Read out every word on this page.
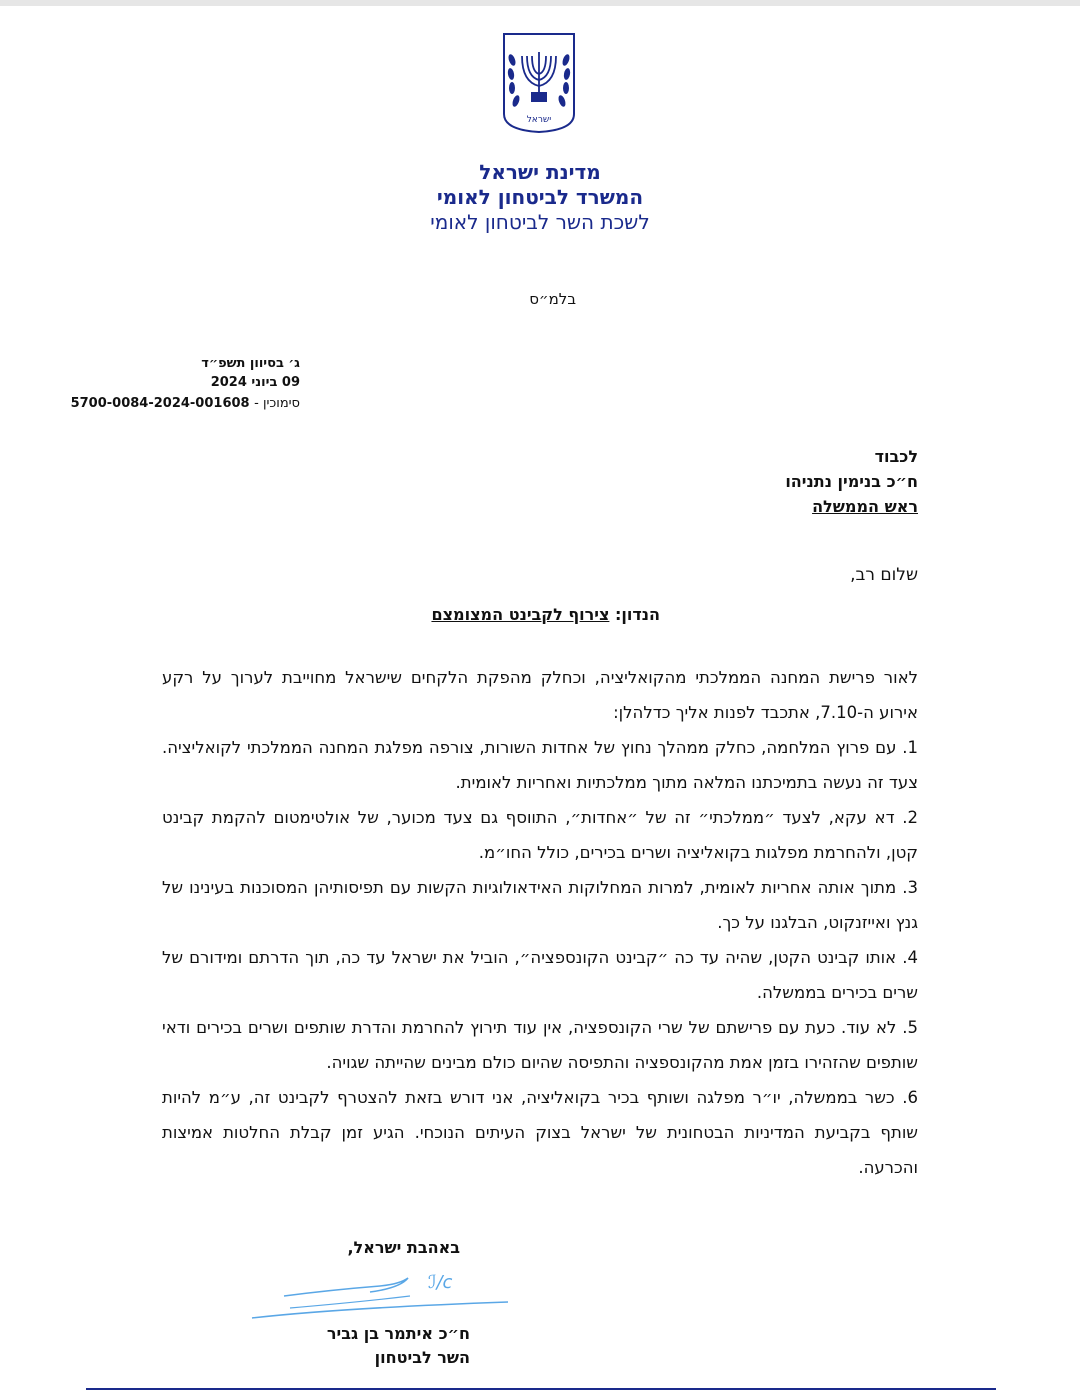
ישראל
מדינת ישראל
המשרד לביטחון לאומי
לשכת השר לביטחון לאומי
בלמ״ס
ג׳ בסיוון תשפ״ד
09 ביוני 2024
סימוכין - 5700-0084-2024-001608
לכבוד
ח״כ בנימין נתניהו
ראש הממשלה
שלום רב,
הנדון: צירוף לקבינט המצומצם

לאור פרישת המחנה הממלכתי מהקואליציה, וכחלק מהפקת הלקחים שישראל מחוייבת לערוך על רקע אירוע ה-7.10, אתכבד לפנות אליך כדלהלן:

1. עם פרוץ המלחמה, כחלק ממהלך נחוץ של אחדות השורות, צורפה מפלגת המחנה הממלכתי לקואליציה. צעד זה נעשה בתמיכתנו המלאה מתוך ממלכתיות ואחריות לאומית.

2. דא עקא, לצעד ״ממלכתי״ זה של ״אחדות״, התווסף גם צעד מכוער, של אולטימטום להקמת קבינט קטן, ולהחרמת מפלגות בקואליציה ושרים בכירים, כולל החו״מ.

3. מתוך אותה אחריות לאומית, למרות המחלוקות האידאולוגיות הקשות עם תפיסותיהן המסוכנות בעינינו של גנץ ואייזנקוט, הבלגנו על כך.

4. אותו קבינט הקטן, שהיה עד כה ״קבינט הקונספציה״, הוביל את ישראל עד כה, תוך הדרתם ומידורם של שרים בכירים בממשלה.

5. לא עוד. כעת עם פרישתם של שרי הקונספציה, אין עוד תירוץ להחרמת והדרת שותפים ושרים בכירים ודאי שותפים שהזהירו בזמן אמת מהקונספציה והתפיסה שהיום כולם מבינים שהייתה שגויה.

6. כשר בממשלה, יו״ר מפלגה ושותף בכיר בקואליציה, אני דורש בזאת להצטרף לקבינט זה, ע״מ להיות שותף בקביעת המדיניות הבטחונית של ישראל בצוק העיתים הנוכחי. הגיע זמן קבלת החלטות אמיצות והכרעה.

באהבת ישראל,
ℐ/c
ח״כ איתמר בן גביר
השר לביטחון
